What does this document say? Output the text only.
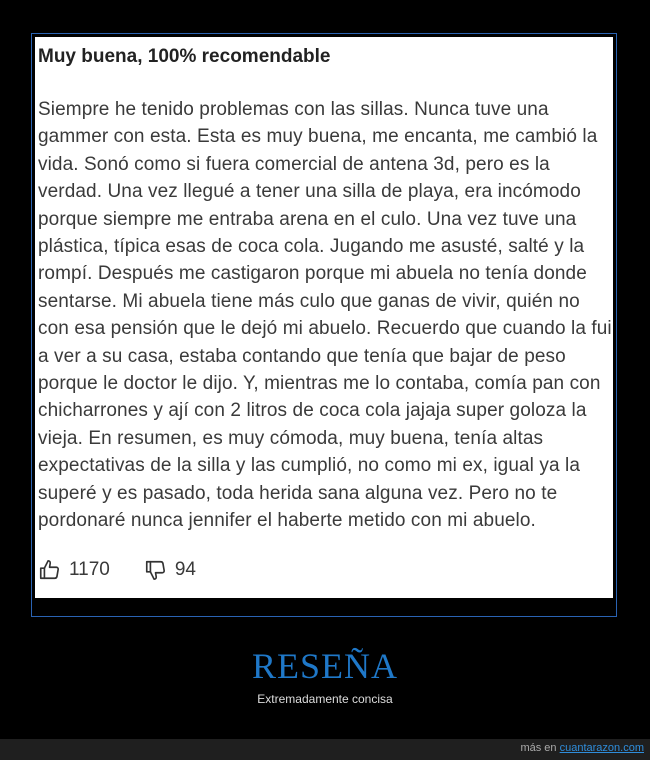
Muy buena, 100% recomendable
Siempre he tenido problemas con las sillas. Nunca tuve una gammer con esta. Esta es muy buena, me encanta, me cambió la vida. Sonó como si fuera comercial de antena 3d, pero es la verdad. Una vez llegué a tener una silla de playa, era incómodo porque siempre me entraba arena en el culo. Una vez tuve una plástica, típica esas de coca cola. Jugando me asusté, salté y la rompí. Después me castigaron porque mi abuela no tenía donde sentarse. Mi abuela tiene más culo que ganas de vivir, quién no con esa pensión que le dejó mi abuelo. Recuerdo que cuando la fui a ver a su casa, estaba contando que tenía que bajar de peso porque le doctor le dijo. Y, mientras me lo contaba, comía pan con chicharrones y ají con 2 litros de coca cola jajaja super goloza la vieja. En resumen, es muy cómoda, muy buena, tenía altas expectativas de la silla y las cumplió, no como mi ex, igual ya la superé y es pasado, toda herida sana alguna vez. Pero no te pordonaré nunca jennifer el haberte metido con mi abuelo.
1170	94
RESEÑA
Extremadamente concisa
más en cuantarazon.com
